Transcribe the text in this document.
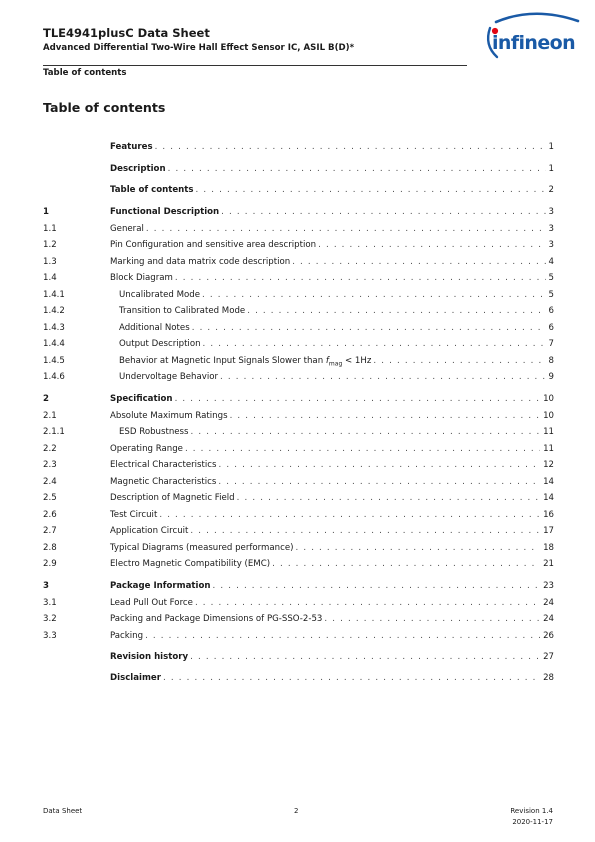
TLE4941plusC Data Sheet
Advanced Differential Two-Wire Hall Effect Sensor IC, ASIL B(D)*
Table of contents
infineon
Table of contents
Features . . .	1
Description . . .	1
Table of contents . . .	2
1	Functional Description . . .	3
1.1	General . . .	3
1.2	Pin Configuration and sensitive area description . . .	3
1.3	Marking and data matrix code description . . .	4
1.4	Block Diagram . . .	5
1.4.1	Uncalibrated Mode . . .	5
1.4.2	Transition to Calibrated Mode . . .	6
1.4.3	Additional Notes . . .	6
1.4.4	Output Description . . .	7
1.4.5	Behavior at Magnetic Input Signals Slower than $f_{mag} < 1Hz$ . . .	8
1.4.6	Undervoltage Behavior . . .	9
2	Specification . . .	10
2.1	Absolute Maximum Ratings . . .	10
2.1.1	ESD Robustness . . .	11
2.2	Operating Range . . .	11
2.3	Electrical Characteristics . . .	12
2.4	Magnetic Characteristics . . .	14
2.5	Description of Magnetic Field . . .	14
2.6	Test Circuit . . .	16
2.7	Application Circuit . . .	17
2.8	Typical Diagrams (measured performance) . . .	18
2.9	Electro Magnetic Compatibility (EMC) . . .	21
3	Package Information . . .	23
3.1	Lead Pull Out Force . . .	24
3.2	Packing and Package Dimensions of PG-SSO-2-53 . . .	24
3.3	Packing . . .	26
Revision history . . .	27
Disclaimer . . .	28
Data Sheet	2	Revision 1.4
2020-11-17
